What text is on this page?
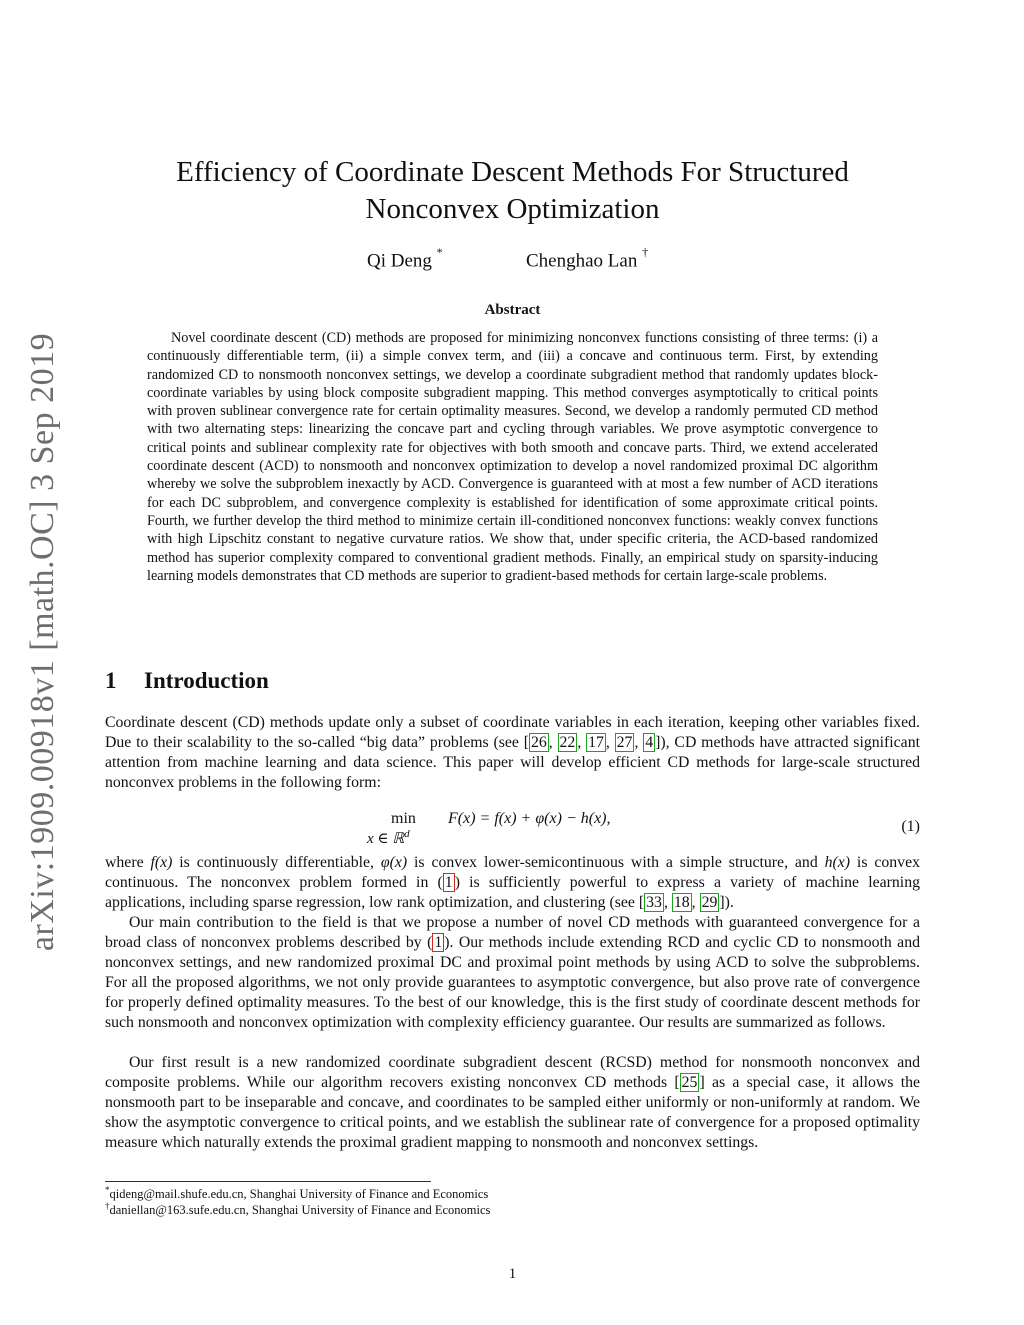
arXiv:1909.00918v1 [math.OC] 3 Sep 2019
Efficiency of Coordinate Descent Methods For Structured
Nonconvex Optimization
Qi Deng *	Chenghao Lan †
Abstract

Novel coordinate descent (CD) methods are proposed for minimizing nonconvex functions consisting of three terms: (i) a continuously differentiable term, (ii) a simple convex term, and (iii) a concave and continuous term. First, by extending randomized CD to nonsmooth nonconvex settings, we develop a coordinate subgradient method that randomly updates block-coordinate variables by using block composite subgradient mapping. This method converges asymptotically to critical points with proven sublinear convergence rate for certain optimality measures. Second, we develop a randomly permuted CD method with two alternating steps: linearizing the concave part and cycling through variables. We prove asymptotic convergence to critical points and sublinear complexity rate for objectives with both smooth and concave parts. Third, we extend accelerated coordinate descent (ACD) to nonsmooth and nonconvex optimization to develop a novel randomized proximal DC algorithm whereby we solve the subproblem inexactly by ACD. Convergence is guaranteed with at most a few number of ACD iterations for each DC subproblem, and convergence complexity is established for identification of some approximate critical points. Fourth, we further develop the third method to minimize certain ill-conditioned nonconvex functions: weakly convex functions with high Lipschitz constant to negative curvature ratios. We show that, under specific criteria, the ACD-based randomized method has superior complexity compared to conventional gradient methods. Finally, an empirical study on sparsity-inducing learning models demonstrates that CD methods are superior to gradient-based methods for certain large-scale problems.

1 Introduction

Coordinate descent (CD) methods update only a subset of coordinate variables in each iteration, keeping other variables fixed. Due to their scalability to the so-called “big data” problems (see [ 26 , 22 , 17 , 27 , 4 ]), CD methods have attracted significant attention from machine learning and data science. This paper will develop efficient CD methods for large-scale structured nonconvex problems in the following form:

min
x ∈ ℝ$^d$
F(x) = f(x) + φ(x) − h(x),	(1)

where f(x) is continuously differentiable, φ(x) is convex lower-semicontinuous with a simple structure, and h(x) is convex continuous. The nonconvex problem formed in ( 1 ) is sufficiently powerful to express a variety of machine learning applications, including sparse regression, low rank optimization, and clustering (see [ 33 , 18 , 29 ]).

Our main contribution to the field is that we propose a number of novel CD methods with guaranteed convergence for a broad class of nonconvex problems described by ( 1 ). Our methods include extending RCD and cyclic CD to nonsmooth and nonconvex settings, and new randomized proximal DC and proximal point methods by using ACD to solve the subproblems. For all the proposed algorithms, we not only provide guarantees to asymptotic convergence, but also prove rate of convergence for properly defined optimality measures. To the best of our knowledge, this is the first study of coordinate descent methods for such nonsmooth and nonconvex optimization with complexity efficiency guarantee. Our results are summarized as follows.

Our first result is a new randomized coordinate subgradient descent (RCSD) method for nonsmooth nonconvex and composite problems. While our algorithm recovers existing nonconvex CD methods [ 25 ] as a special case, it allows the nonsmooth part to be inseparable and concave, and coordinates to be sampled either uniformly or non-uniformly at random. We show the asymptotic convergence to critical points, and we establish the sublinear rate of convergence for a proposed optimality measure which naturally extends the proximal gradient mapping to nonsmooth and nonconvex settings.

*qideng@mail.shufe.edu.cn, Shanghai University of Finance and Economics

†daniellan@163.sufe.edu.cn, Shanghai University of Finance and Economics

1
